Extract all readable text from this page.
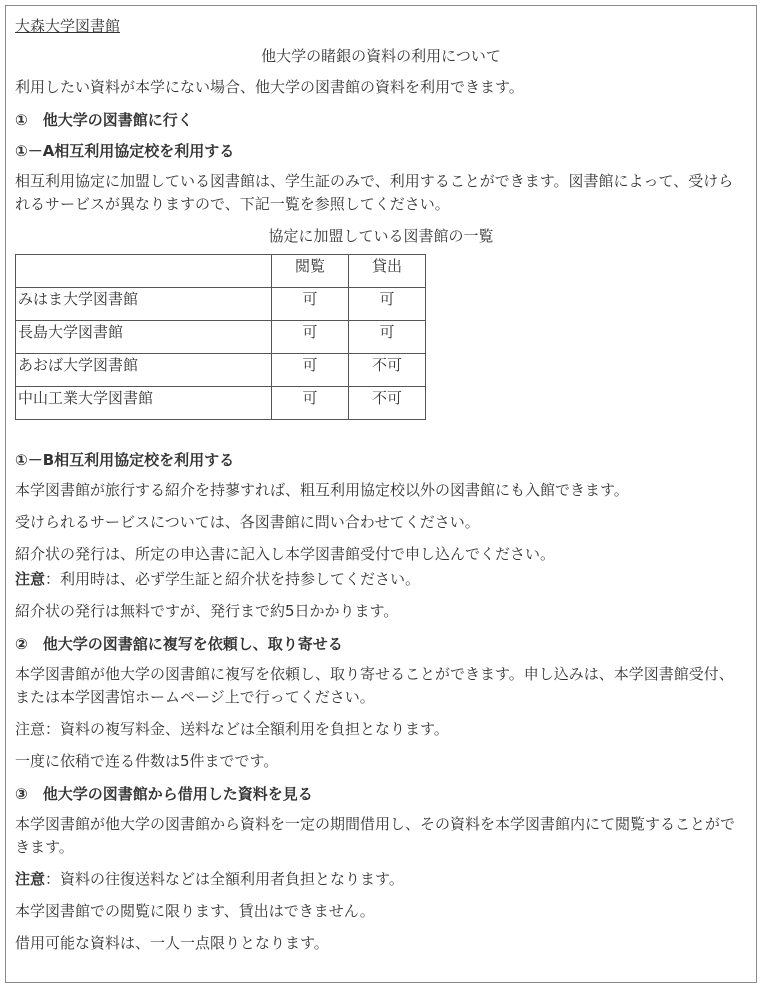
大森大学図書館

他大学の睹銀の資料の利用について

利用したい資料が本学にない場合、他大学の図書館の資料を利用できます。

①　他大学の図書館に行く

①－A相互利用協定校を利用する

相互利用協定に加盟している図書館は、学生証のみで、利用することができます。図書館によって、受けられるサービスが異なりますので、下記一覧を参照してください。

協定に加盟している図書館の一覧

	閲覧	貸出
みはま大学図書館	可	可
長島大学図書館	可	可
あおば大学図書館	可	不可
中山工業大学図書館	可	不可

①－B相互利用協定校を利用する

本学図書館が旅行する紹介を持蓼すれば、粗互利用協定校以外の図書館にも入館できます。

受けられるサービスについては、各図書館に問い合わせてください。

紹介状の発行は、所定の申込書に記入し本学図書館受付で申し込んでください。

注意：利用時は、必ず学生証と紹介状を持参してください。

紹介状の発行は無料ですが、発行まで約5日かかります。

②　他大学の図書舘に複写を依頼し、取り寄せる

本学図書館が他大学の図書館に複写を依頼し、取り寄せることができます。申し込みは、本学図書館受付、または本学図書馆ホームページ上で行ってください。

注意：資料の複写料金、送料などは全額利用を負担となります。

一度に依稍で连る件数は5件までです。

③　他大学の図書館から借用した資料を見る

本学図書館が他大学の図書館から資料を一定の期間借用し、その資料を本学図書館内にて閲覧することができます。

注意：資料の往復送料などは全額利用者負担となります。

本学図書館での閲覧に限ります、賃出はできません。

借用可能な資料は、一人一点限りとなります。
